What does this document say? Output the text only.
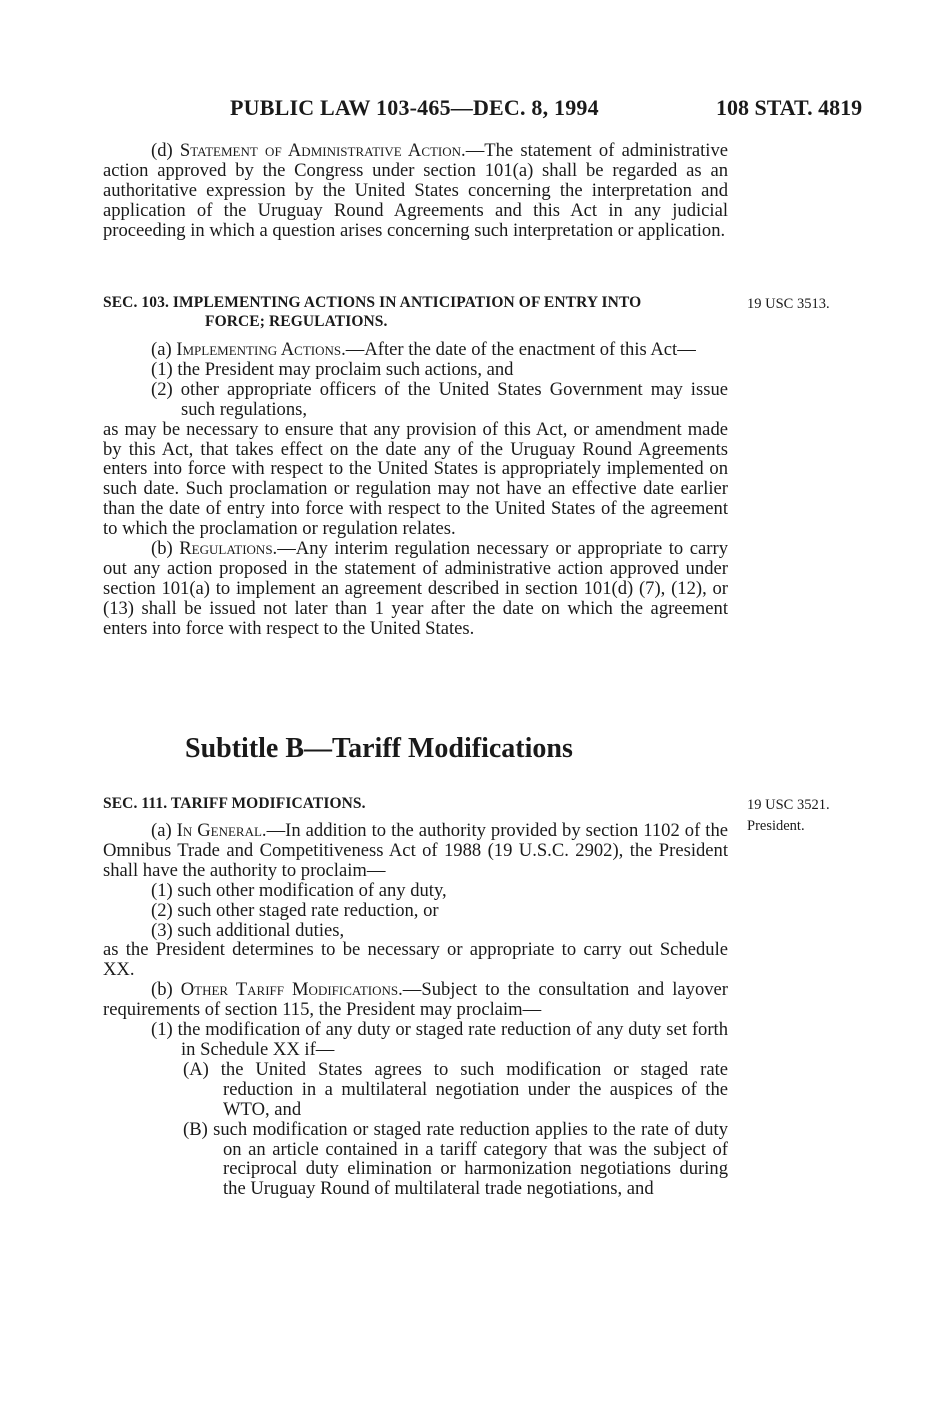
PUBLIC LAW 103-465—DEC. 8, 1994	108 STAT. 4819

(d) Statement of Administrative Action.—The statement of administrative action approved by the Congress under section 101(a) shall be regarded as an authoritative expression by the United States concerning the interpretation and application of the Uruguay Round Agreements and this Act in any judicial proceeding in which a question arises concerning such interpretation or application.

SEC. 103. IMPLEMENTING ACTIONS IN ANTICIPATION OF ENTRY INTO
FORCE; REGULATIONS.
19 USC 3513.

(a) Implementing Actions.—After the date of the enactment of this Act—

(1) the President may proclaim such actions, and

(2) other appropriate officers of the United States Government may issue such regulations,

as may be necessary to ensure that any provision of this Act, or amendment made by this Act, that takes effect on the date any of the Uruguay Round Agreements enters into force with respect to the United States is appropriately implemented on such date. Such proclamation or regulation may not have an effective date earlier than the date of entry into force with respect to the United States of the agreement to which the proclamation or regulation relates.

(b) Regulations.—Any interim regulation necessary or appropriate to carry out any action proposed in the statement of administrative action approved under section 101(a) to implement an agreement described in section 101(d) (7), (12), or (13) shall be issued not later than 1 year after the date on which the agreement enters into force with respect to the United States.

Subtitle B—Tariff Modifications
SEC. 111. TARIFF MODIFICATIONS.	19 USC 3521.
President.

(a) In General.—In addition to the authority provided by section 1102 of the Omnibus Trade and Competitiveness Act of 1988 (19 U.S.C. 2902), the President shall have the authority to proclaim—

(1) such other modification of any duty,

(2) such other staged rate reduction, or

(3) such additional duties,

as the President determines to be necessary or appropriate to carry out Schedule XX.

(b) Other Tariff Modifications.—Subject to the consultation and layover requirements of section 115, the President may proclaim—

(1) the modification of any duty or staged rate reduction of any duty set forth in Schedule XX if—

(A) the United States agrees to such modification or staged rate reduction in a multilateral negotiation under the auspices of the WTO, and

(B) such modification or staged rate reduction applies to the rate of duty on an article contained in a tariff category that was the subject of reciprocal duty elimination or harmonization negotiations during the Uruguay Round of multilateral trade negotiations, and
